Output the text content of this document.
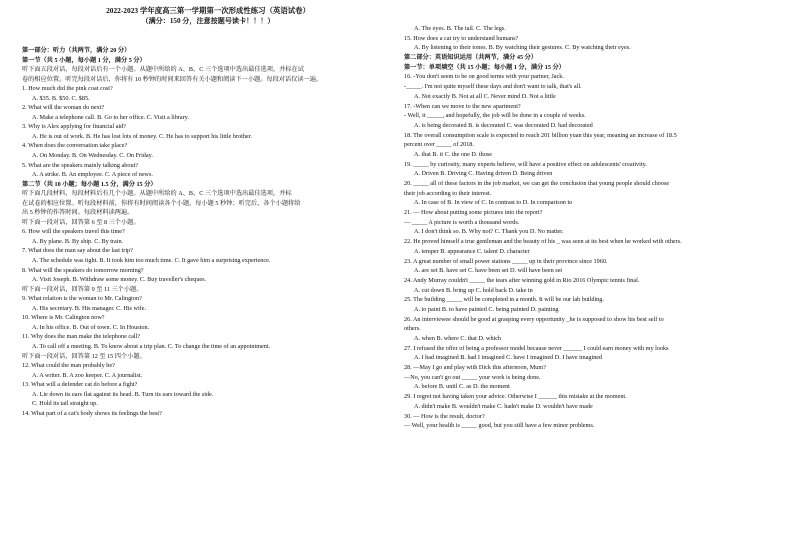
2022-2023 学年度高三第一学期第一次形成性练习（英语试卷）
（满分：150 分，注意按题号读卡！！！）
第一部分：听力（共两节，满分 20 分）
第一节（共 5 小题，每小题 1 分，满分 5 分）
听下面五段对话，每段对话后有一个小题。从题中所给的 A、B、C 三个选项中选出最佳选项，并标在试
卷的相应位置。听完每段对话后，你将有 10 秒钟的时间来回答有关小题和阅读下一小题。每段对话仅读一遍。
1. How much did the pink coat cost?
A. $35. B. $50. C. $85.
2. What will the woman do next?
A. Make a telephone call. B. Go to her office. C. Visit a library.
3. Why is Alex applying for financial aid?
A. He is out of work. B. He has lost lots of money. C. He has to support his little brother.
4. When does the conversation take place?
A. On Monday. B. On Wednesday. C. On Friday.
5. What are the speakers mainly talking about?
A. A strike. B. An employee. C. A piece of news.
第二节（共 10 小题；每小题 1.5 分，满分 15 分）
听下面几段材料，每段材料后有几个小题。从题中所给的 A、B、C 三个选项中选出最佳选项，并标
在试卷的相应位置。听每段材料前，你将有时间阅读各个小题，每小题 5 秒钟；听完后，各个小题将给
出 5 秒钟的作答时间。每段材料读两遍。
听下面一段对话，回答第 6 至 8 三个小题。
6. How will the speakers travel this time?
A. By plane. B. By ship. C. By train.
7. What does the man say about the last trip?
A. The schedule was tight. B. It took him too much time. C. It gave him a surprising experience.
8. What will the speakers do tomorrow morning?
A. Visit Joseph. B. Withdraw some money. C. Buy traveller's cheques.
听下面一段对话，回答第 9 至 11 三个小题。
9. What relation is the woman to Mr. Calington?
A. His secretary. B. His manager. C. His wife.
10. Where is Mr. Calington now?
A. In his office. B. Out of town. C. In Houston.
11. Why does the man make the telephone call?
A. To call off a meeting. B. To know about a trip plan. C. To change the time of an appointment.
听下面一段对话，回答第 12 至 15 四个小题。
12. What could the man probably be?
A. A writer. B. A zoo keeper. C. A journalist.
13. What will a defender cat do before a fight?
A. Lie down its ears flat against its head. B. Turn its ears toward the side.
C. Hold its tail straight up.
14. What part of a cat's body shows its feelings the best?
A. The eyes. B. The tail. C. The legs.
15. How does a cat try to understand humans?
A. By listening to their tones. B. By watching their gestures. C. By watching their eyes.
第二部分：英语知识运用（共两节，满分 45 分）
第一节：单项填空（共 15 小题；每小题 1 分，满分 15 分）
16. -You don't seem to be on good terms with your partner, Jack.
-_____. I'm not quite myself these days and don't want to talk, that's all.
A. Not exactly B. Not at all C. Never mind D. Not a little
17. -When can we move to the new apartment?
- Well, it _____, and hopefully, the job will be done in a couple of weeks.
A. is being decorated B. is decorated C. was decorated D. had decorated
18. The overall consumption scale is expected to reach 201 billion yuan this year, meaning an increase of 18.5
percent over _____ of 2018.
A. that B. it C. the one D. those
19. _____ by curiosity, many experts believe, will have a positive effect on adolescents' creativity.
A. Driven B. Driving C. Having driven D. Being driven
20. _____ all of these factors in the job market, we can get the conclusion that young people should choose
their job according to their interest.
A. In case of B. In view of C. In contrast to D. In comparison to
21. — How about putting some pictures into the report?
— _____ A picture is worth a thousand words.
A. I don't think so. B. Why not? C. Thank you D. No matter.
22. He proved himself a true gentleman and the beauty of his _ was seen at its best when he worked with others.
A. temper B. appearance C. talent D. character
23. A great number of small power stations _____ up in their province since 1960.
A. are set B. have set C. have been set D. will have been set
24. Andy Murray couldn't _____ the tears after winning gold in Rio 2016 Olympic tennis final.
A. cut down B. bring up C. hold back D. take in
25. The building _____ will be completed in a month. It will be our lab building.
A. to paint B. to have painted C. being painted D. painting
26. An interviewee should be good at grasping every opportunity _he is supposed to show his best self to
others.
A. when B. where C. that D. which
27. I refused the offer of being a professor model because never ______ I could earn money with my looks
A. I had imagined B. had I imagined C. have I imagined D. I have imagined
28. —May I go and play with Dick this afternoon, Mum?
—No, you can't go out _____ your work is being done.
A. before B. until C. as D. the moment
29. I regret not having taken your advice. Otherwise I ______ this mistake at the moment.
A. didn't make B. wouldn't make C. hadn't make D. wouldn't have made
30. — How is the result, doctor?
— Well, your health is _____ good, but you still have a few minor problems.
